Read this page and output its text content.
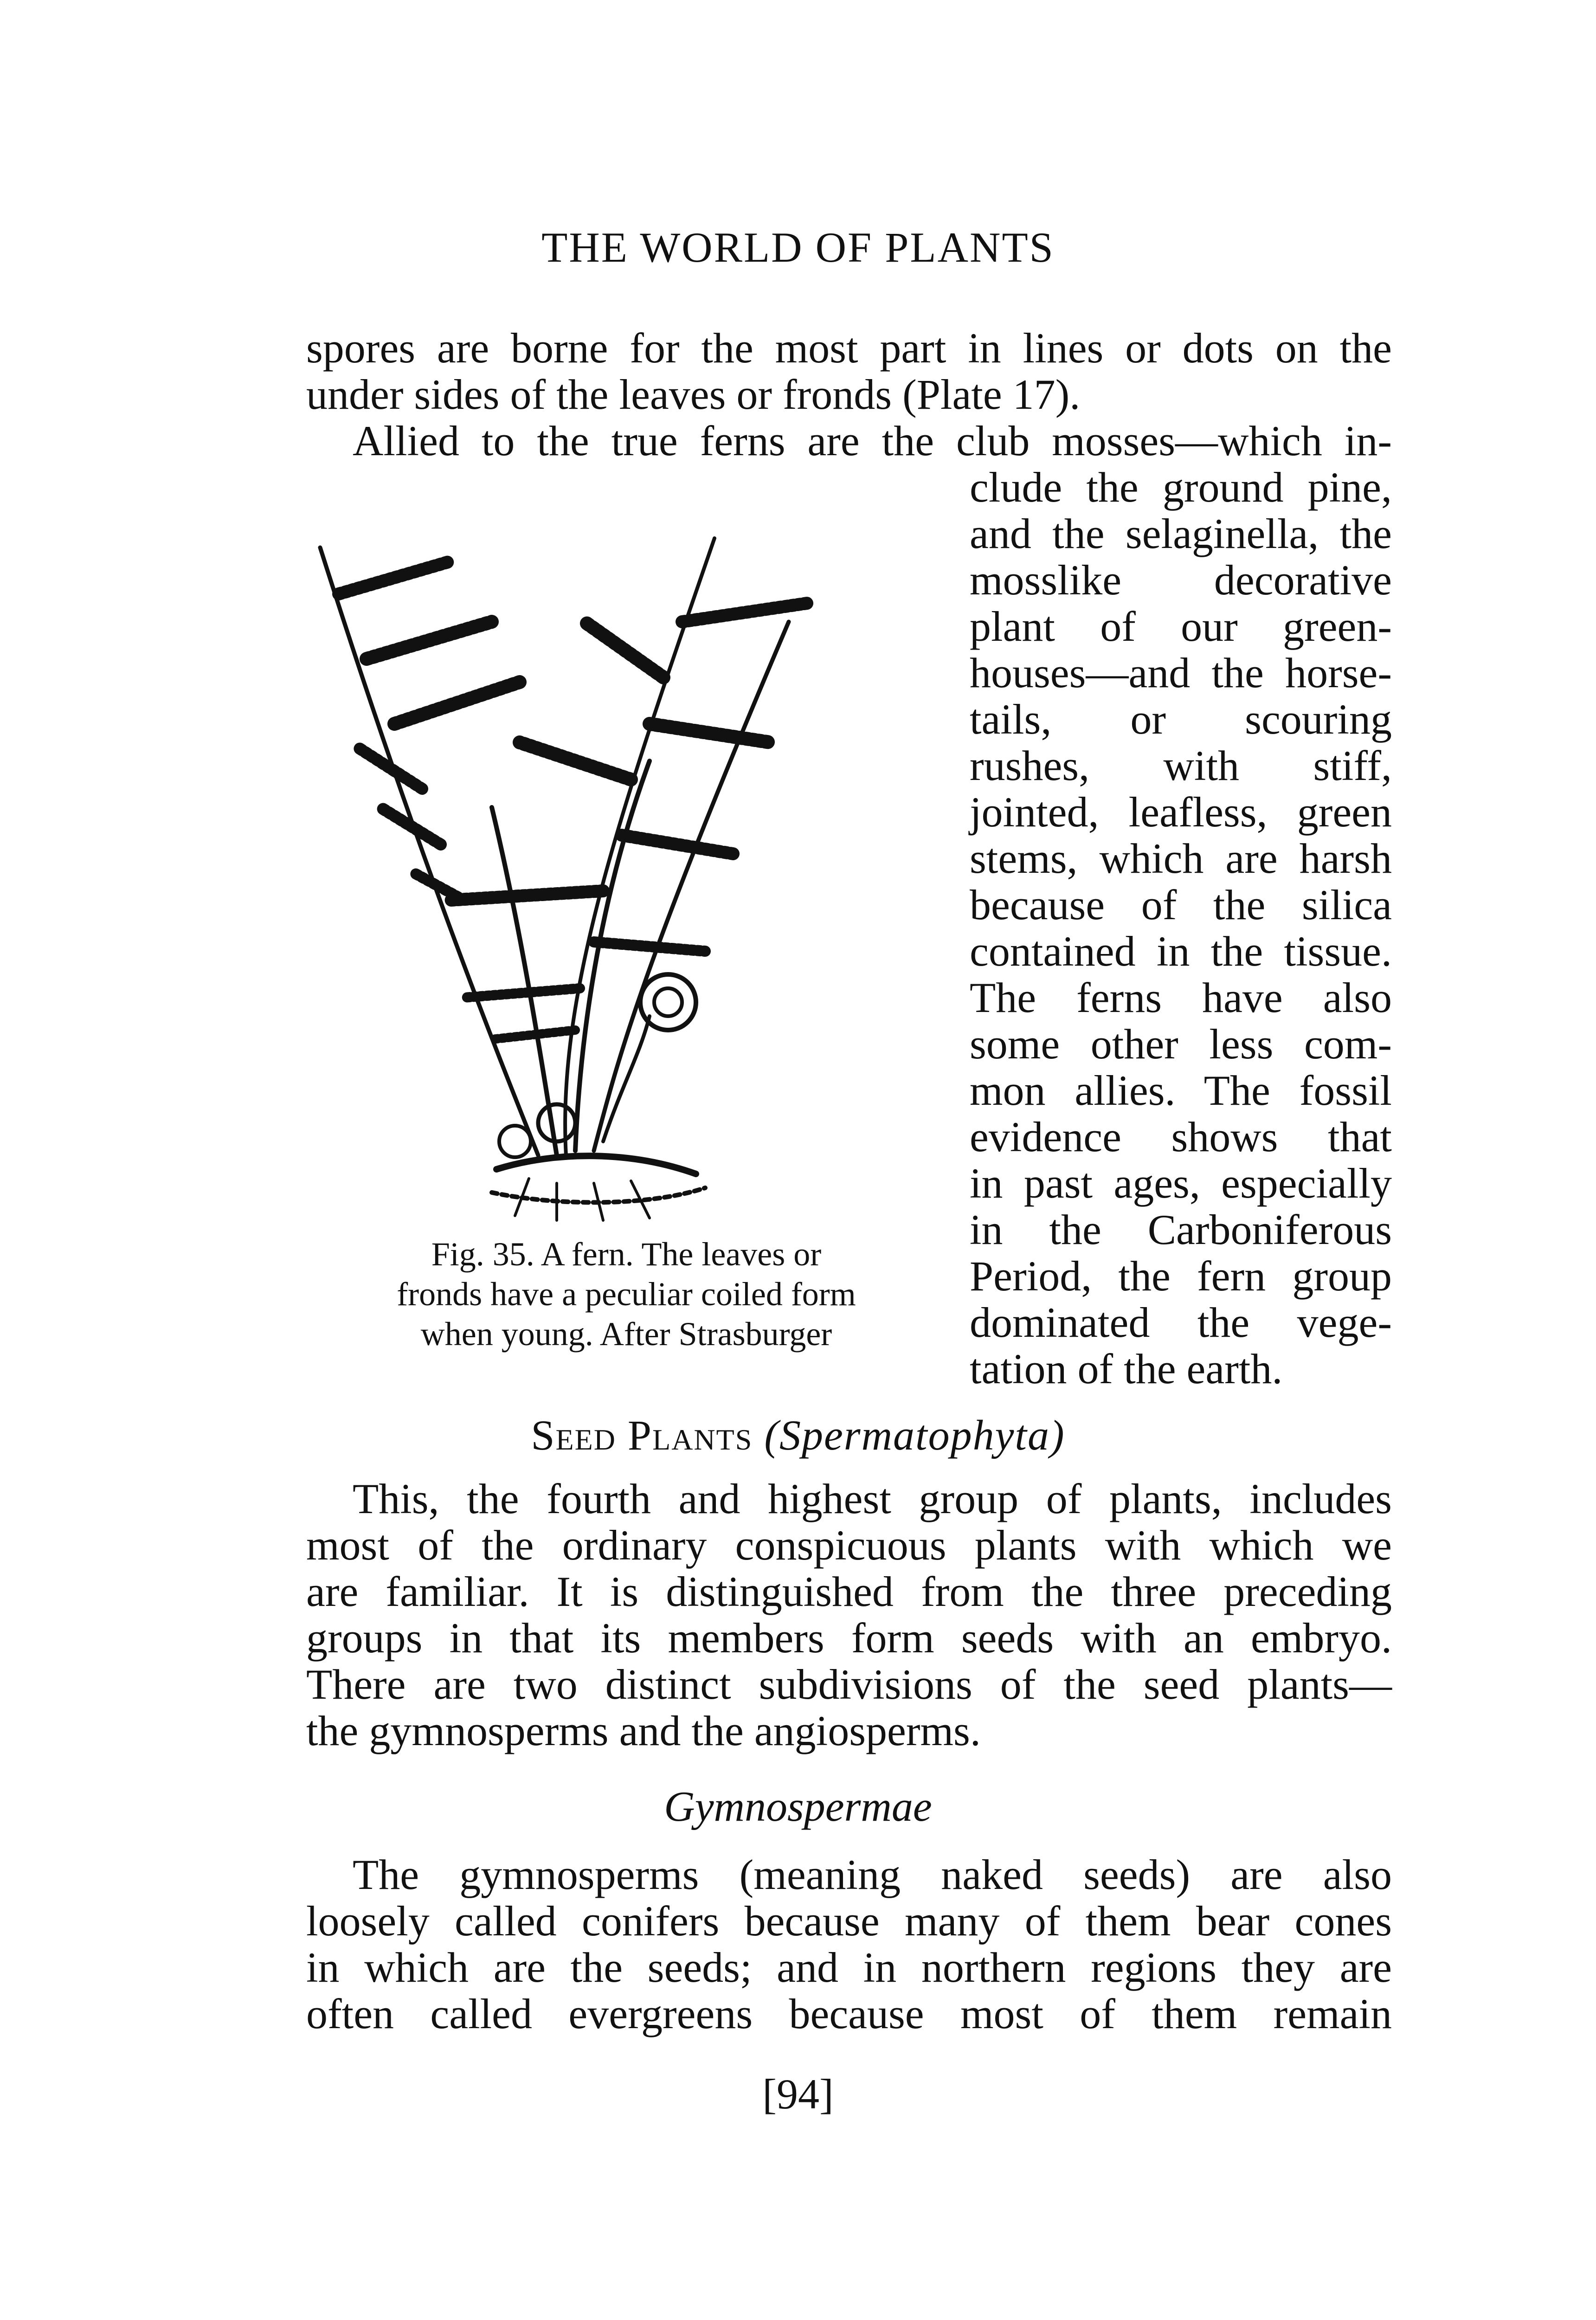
THE WORLD OF PLANTS
spores are borne for the most part in lines or dots on the
under sides of the leaves or fronds (Plate 17).
Allied to the true ferns are the club mosses—which in-
clude the ground pine,
and the selaginella, the
mosslike decorative
plant of our green-
houses—and the horse-
tails, or scouring
rushes, with stiff,
jointed, leafless, green
stems, which are harsh
because of the silica
contained in the tissue.
The ferns have also
some other less com-
mon allies. The fossil
evidence shows that
in past ages, especially
in the Carboniferous
Period, the fern group
dominated the vege-
tation of the earth.
Fig. 35. A fern. The leaves or
fronds have a peculiar coiled form
when young. After Strasburger
Seed Plants (Spermatophyta)
This, the fourth and highest group of plants, includes
most of the ordinary conspicuous plants with which we
are familiar. It is distinguished from the three preceding
groups in that its members form seeds with an embryo.
There are two distinct subdivisions of the seed plants—
the gymnosperms and the angiosperms.
Gymnospermae
The gymnosperms (meaning naked seeds) are also
loosely called conifers because many of them bear cones
in which are the seeds; and in northern regions they are
often called evergreens because most of them remain
[94]
